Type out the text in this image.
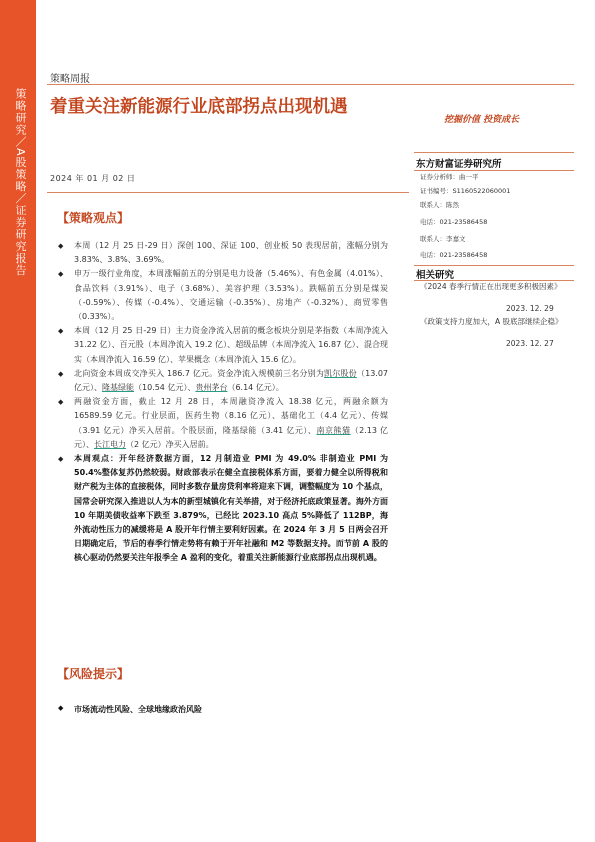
策略研究／A股策略／证券研究报告
策略周报
着重关注新能源行业底部拐点出现机遇
挖掘价值 投资成长
2024 年 01 月 02 日
【策略观点】
◆ 本周（12 月 25 日-29 日）深创 100、深证 100、创业板 50 表现居前，涨幅分别为 3.83%、3.8%、3.69%。
◆ 申万一级行业角度，本周涨幅前五的分别是电力设备（5.46%）、有色金属（4.01%）、食品饮料（3.91%）、电子（3.68%）、美容护理（3.53%）。跌幅前五分别是煤炭（-0.59%）、传媒（-0.4%）、交通运输（-0.35%）、房地产（-0.32%）、商贸零售（0.33%）。
◆ 本周（12 月 25 日-29 日）主力资金净流入居前的概念板块分别是茅指数（本周净流入 31.22 亿）、百元股（本周净流入 19.2 亿）、超级品牌（本周净流入 16.87 亿）、混合现实（本周净流入 16.59 亿）、苹果概念（本周净流入 15.6 亿）。
◆ 北向资金本周成交净买入 186.7 亿元。资金净流入规模前三名分别为凯尔股份（13.07 亿元）、隆基绿能（10.54 亿元）、贵州茅台（6.14 亿元）。
◆ 两融资金方面，截止 12 月 28 日，本周融资净流入 18.38 亿元，两融余额为 16589.59 亿元。行业层面，医药生物（8.16 亿元）、基础化工（4.4 亿元）、传媒（3.91 亿元）净买入居前。个股层面，隆基绿能（3.41 亿元）、南京熊猫（2.13 亿元）、长江电力（2 亿元）净买入居前。
◆ 本周观点：开年经济数据方面，12 月制造业 PMI 为 49.0% 非制造业 PMI 为 50.4%整体复苏仍然较弱。财政部表示在健全直接税体系方面，要着力健全以所得税和财产税为主体的直接税体，同时多数存量房贷利率将迎来下调，调整幅度为 10 个基点，国常会研究深入推进以人为本的新型城镇化有关举措，对于经济托底政策显著。海外方面 10 年期美债收益率下跌至 3.879%，已经比 2023.10 高点 5%降低了 112BP，海外流动性压力的减缓将是 A 股开年行情主要利好因素。在 2024 年 3 月 5 日两会召开日期确定后，节后的春季行情走势将有赖于开年社融和 M2 等数据支持。而节前 A 股的核心驱动仍然要关注年报季全 A 盈利的变化，着重关注新能源行业底部拐点出现机遇。
【风险提示】
◆ 市场流动性风险、全球地缘政治风险
东方财富证券研究所
证券分析师：曲一平
证书编号：S1160522060001
联系人：陈然
电话：021-23586458
联系人：李嘉文
电话：021-23586458
相关研究
《2024 春季行情正在出现更多积极因素》
2023. 12. 29
《政策支持力度加大，A 股底部继续企稳》
2023. 12. 27
